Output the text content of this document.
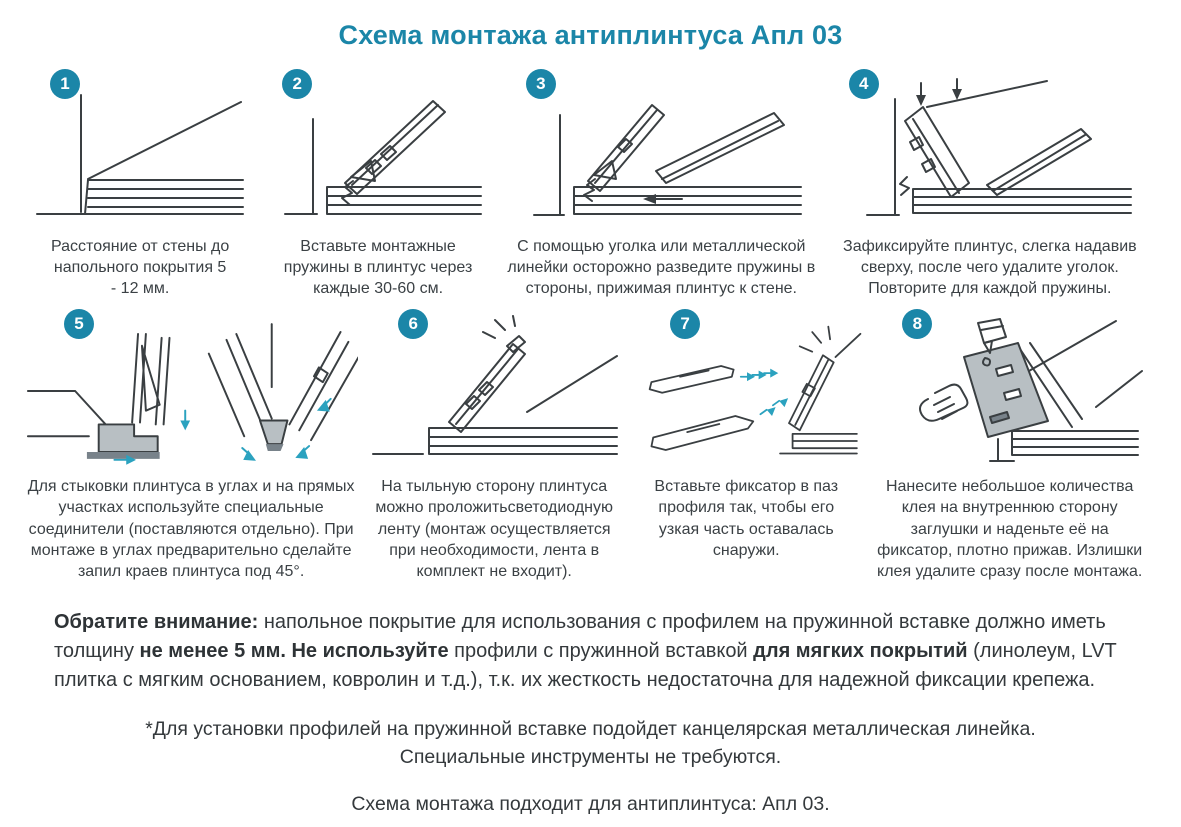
Схема монтажа антиплинтуса Апл 03
1

Расстояние от стены до напольного покрытия 5 - 12 мм.

2

Вставьте монтажные пружины в плинтус через каждые 30-60 см.

3

С помощью уголка или металлической линейки осторожно разведите пружины в стороны, прижимая плинтус к стене.

4

Зафиксируйте плинтус, слегка надавив сверху, после чего удалите уголок. Повторите для каждой пружины.

5

Для стыковки плинтуса в углах и на прямых участках используйте специальные соединители (поставляются отдельно). При монтаже в углах предварительно сделайте запил краев плинтуса под 45°.

6

На тыльную сторону плинтуса можно проложитьсветодиодную ленту (монтаж осуществляется при необходимости, лента в комплект не входит).

7

Вставьте фиксатор в паз профиля так, чтобы его узкая часть оставалась снаружи.

8

Нанесите небольшое количества клея на внутреннюю сторону заглушки и наденьте её на фиксатор, плотно прижав. Излишки клея удалите сразу после монтажа.

Обратите внимание: напольное покрытие для использования с профилем на пружинной вставке должно иметь толщину не менее 5 мм. Не используйте профили с пружинной вставкой для мягких покрытий (линолеум, LVT плитка с мягким основанием, ковролин и т.д.), т.к. их жесткость недостаточна для надежной фиксации крепежа.

*Для установки профилей на пружинной вставке подойдет канцелярская металлическая линейка.
Специальные инструменты не требуются.

Схема монтажа подходит для антиплинтуса: Апл 03.
